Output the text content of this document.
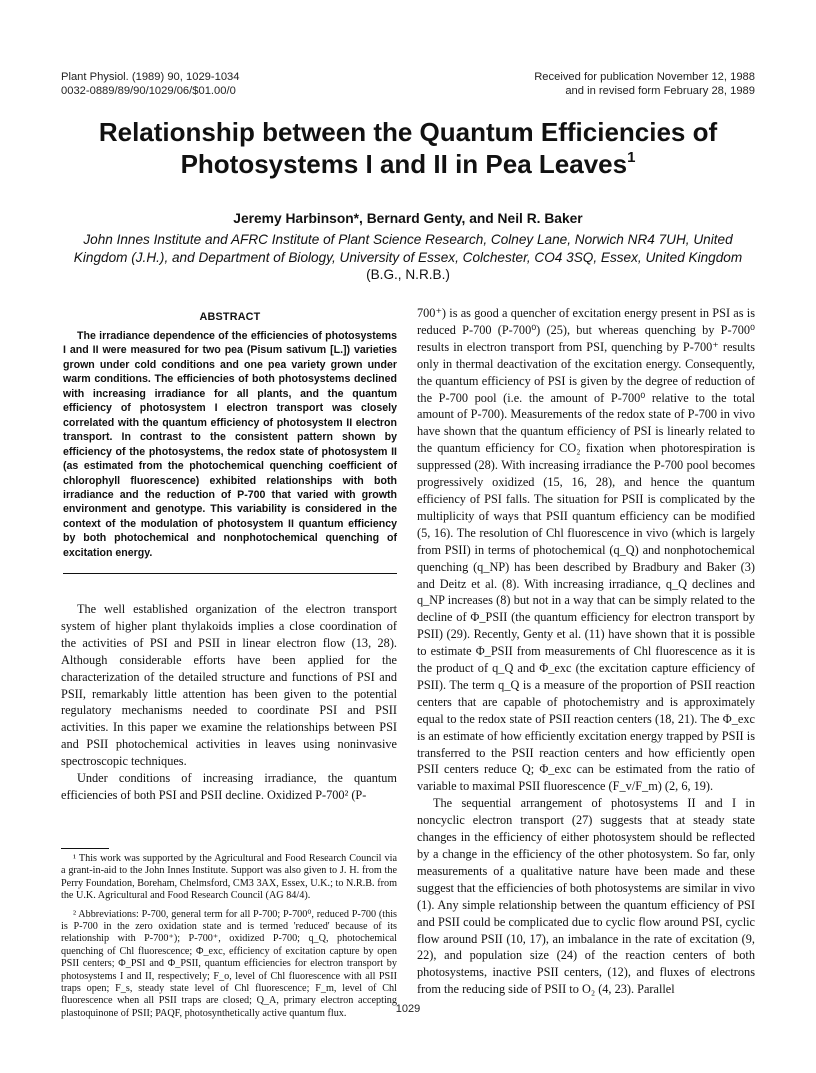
Plant Physiol. (1989) 90, 1029-1034
0032-0889/89/90/1029/06/$01.00/0
Received for publication November 12, 1988
and in revised form February 28, 1989
Relationship between the Quantum Efficiencies of
Photosystems I and II in Pea Leaves$^1$
Jeremy Harbinson*, Bernard Genty, and Neil R. Baker
John Innes Institute and AFRC Institute of Plant Science Research, Colney Lane, Norwich NR4 7UH, United
Kingdom (J.H.), and Department of Biology, University of Essex, Colchester, CO4 3SQ, Essex, United Kingdom
(B.G., N.R.B.)
ABSTRACT
The irradiance dependence of the efficiencies of photosystems I and II were measured for two pea (Pisum sativum [L.]) varieties grown under cold conditions and one pea variety grown under warm conditions. The efficiencies of both photosystems declined with increasing irradiance for all plants, and the quantum efficiency of photosystem I electron transport was closely correlated with the quantum efficiency of photosystem II electron transport. In contrast to the consistent pattern shown by efficiency of the photosystems, the redox state of photosystem II (as estimated from the photochemical quenching coefficient of chlorophyll fluorescence) exhibited relationships with both irradiance and the reduction of P-700 that varied with growth environment and genotype. This variability is considered in the context of the modulation of photosystem II quantum efficiency by both photochemical and nonphotochemical quenching of excitation energy.

The well established organization of the electron transport system of higher plant thylakoids implies a close coordination of the activities of PSI and PSII in linear electron flow (13, 28). Although considerable efforts have been applied for the characterization of the detailed structure and functions of PSI and PSII, remarkably little attention has been given to the potential regulatory mechanisms needed to coordinate PSI and PSII activities. In this paper we examine the relationships between PSI and PSII photochemical activities in leaves using noninvasive spectroscopic techniques.

Under conditions of increasing irradiance, the quantum efficiencies of both PSI and PSII decline. Oxidized P-700² (P-

¹ This work was supported by the Agricultural and Food Research Council via a grant-in-aid to the John Innes Institute. Support was also given to J. H. from the Perry Foundation, Boreham, Chelmsford, CM3 3AX, Essex, U.K.; to N.R.B. from the U.K. Agricultural and Food Research Council (AG 84/4).

² Abbreviations: P-700, general term for all P-700; P-700⁰, reduced P-700 (this is P-700 in the zero oxidation state and is termed 'reduced' because of its relationship with P-700⁺); P-700⁺, oxidized P-700; q_Q, photochemical quenching of Chl fluorescence; Φ_exc, efficiency of excitation capture by open PSII centers; Φ_PSI and Φ_PSII, quantum efficiencies for electron transport by photosystems I and II, respectively; F_o, level of Chl fluorescence with all PSII traps open; F_s, steady state level of Chl fluorescence; F_m, level of Chl fluorescence when all PSII traps are closed; Q_A, primary electron accepting plastoquinone of PSII; PAQF, photosynthetically active quantum flux.

700⁺) is as good a quencher of excitation energy present in PSI as is reduced P-700 (P-700⁰) (25), but whereas quenching by P-700⁰ results in electron transport from PSI, quenching by P-700⁺ results only in thermal deactivation of the excitation energy. Consequently, the quantum efficiency of PSI is given by the degree of reduction of the P-700 pool (i.e. the amount of P-700⁰ relative to the total amount of P-700). Measurements of the redox state of P-700 in vivo have shown that the quantum efficiency of PSI is linearly related to the quantum efficiency for CO₂ fixation when photorespiration is suppressed (28). With increasing irradiance the P-700 pool becomes progressively oxidized (15, 16, 28), and hence the quantum efficiency of PSI falls. The situation for PSII is complicated by the multiplicity of ways that PSII quantum efficiency can be modified (5, 16). The resolution of Chl fluorescence in vivo (which is largely from PSII) in terms of photochemical (q_Q) and nonphotochemical quenching (q_NP) has been described by Bradbury and Baker (3) and Deitz et al. (8). With increasing irradiance, q_Q declines and q_NP increases (8) but not in a way that can be simply related to the decline of Φ_PSII (the quantum efficiency for electron transport by PSII) (29). Recently, Genty et al. (11) have shown that it is possible to estimate Φ_PSII from measurements of Chl fluorescence as it is the product of q_Q and Φ_exc (the excitation capture efficiency of PSII). The term q_Q is a measure of the proportion of PSII reaction centers that are capable of photochemistry and is approximately equal to the redox state of PSII reaction centers (18, 21). The Φ_exc is an estimate of how efficiently excitation energy trapped by PSII is transferred to the PSII reaction centers and how efficiently open PSII centers reduce Q; Φ_exc can be estimated from the ratio of variable to maximal PSII fluorescence (F_v/F_m) (2, 6, 19).

The sequential arrangement of photosystems II and I in noncyclic electron transport (27) suggests that at steady state changes in the efficiency of either photosystem should be reflected by a change in the efficiency of the other photosystem. So far, only measurements of a qualitative nature have been made and these suggest that the efficiencies of both photosystems are similar in vivo (1). Any simple relationship between the quantum efficiency of PSI and PSII could be complicated due to cyclic flow around PSI, cyclic flow around PSII (10, 17), an imbalance in the rate of excitation (9, 22), and population size (24) of the reaction centers of both photosystems, inactive PSII centers, (12), and fluxes of electrons from the reducing side of PSII to O₂ (4, 23). Parallel

1029
